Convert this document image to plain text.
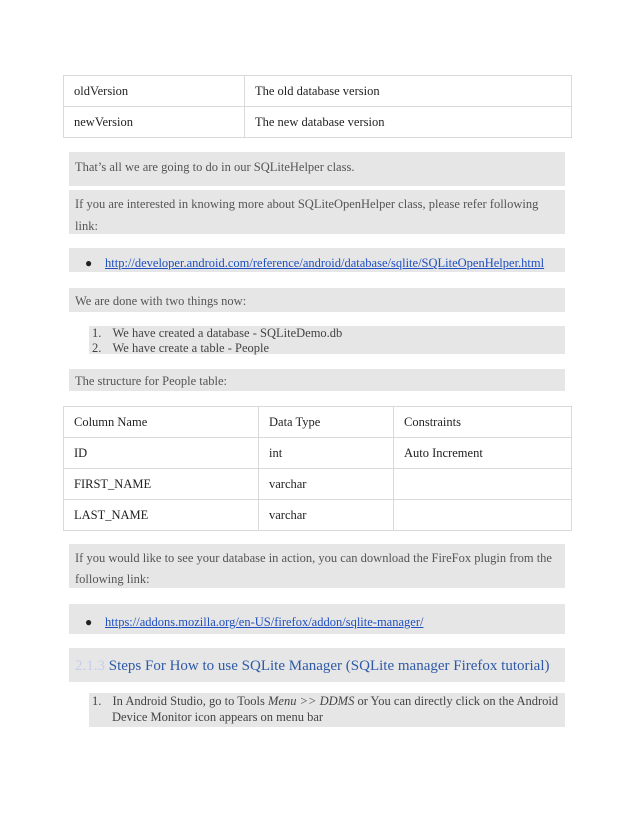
oldVersion	The old database version
newVersion	The new database version
That’s all we are going to do in our SQLiteHelper class.
If you are interested in knowing more about SQLiteOpenHelper class, please refer following
link:
● http://developer.android.com/reference/android/database/sqlite/SQLiteOpenHelper.html
We are done with two things now:
1. We have created a database - SQLiteDemo.db
2. We have create a table - People
The structure for People table:
Column Name	Data Type	Constraints
ID	int	Auto Increment
FIRST_NAME	varchar	
LAST_NAME	varchar	
If you would like to see your database in action, you can download the FireFox plugin from the
following link:
● https://addons.mozilla.org/en-US/firefox/addon/sqlite-manager/
2.1.3 Steps For How to use SQLite Manager (SQLite manager Firefox tutorial)
1. In Android Studio, go to Tools Menu >> DDMS or You can directly click on the Android
Device Monitor icon appears on menu bar
